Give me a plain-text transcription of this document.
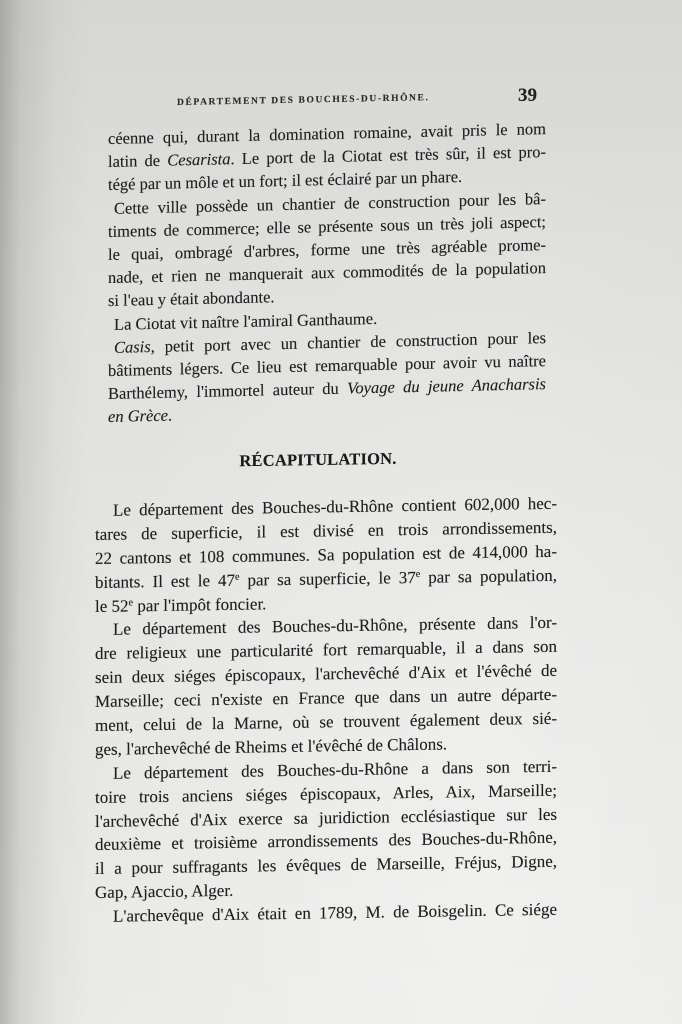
DÉPARTEMENT DES BOUCHES-DU-RHÔNE.	39
céenne qui, durant la domination romaine, avait pris le nom
latin de Cesarista. Le port de la Ciotat est très sûr, il est pro-
tégé par un môle et un fort; il est éclairé par un phare.
Cette ville possède un chantier de construction pour les bâ-
timents de commerce; elle se présente sous un très joli aspect;
le quai, ombragé d'arbres, forme une très agréable prome-
nade, et rien ne manquerait aux commodités de la population
si l'eau y était abondante.
La Ciotat vit naître l'amiral Ganthaume.
Casis, petit port avec un chantier de construction pour les
bâtiments légers. Ce lieu est remarquable pour avoir vu naître
Barthélemy, l'immortel auteur du Voyage du jeune Anacharsis
en Grèce.
RÉCAPITULATION.
Le département des Bouches-du-Rhône contient 602,000 hec-
tares de superficie, il est divisé en trois arrondissements,
22 cantons et 108 communes. Sa population est de 414,000 ha-
bitants. Il est le 47e par sa superficie, le 37e par sa population,
le 52e par l'impôt foncier.
Le département des Bouches-du-Rhône, présente dans l'or-
dre religieux une particularité fort remarquable, il a dans son
sein deux siéges épiscopaux, l'archevêché d'Aix et l'évêché de
Marseille; ceci n'existe en France que dans un autre départe-
ment, celui de la Marne, où se trouvent également deux sié-
ges, l'archevêché de Rheims et l'évêché de Châlons.
Le département des Bouches-du-Rhône a dans son terri-
toire trois anciens siéges épiscopaux, Arles, Aix, Marseille;
l'archevêché d'Aix exerce sa juridiction ecclésiastique sur les
deuxième et troisième arrondissements des Bouches-du-Rhône,
il a pour suffragants les évêques de Marseille, Fréjus, Digne,
Gap, Ajaccio, Alger.
L'archevêque d'Aix était en 1789, M. de Boisgelin. Ce siége
